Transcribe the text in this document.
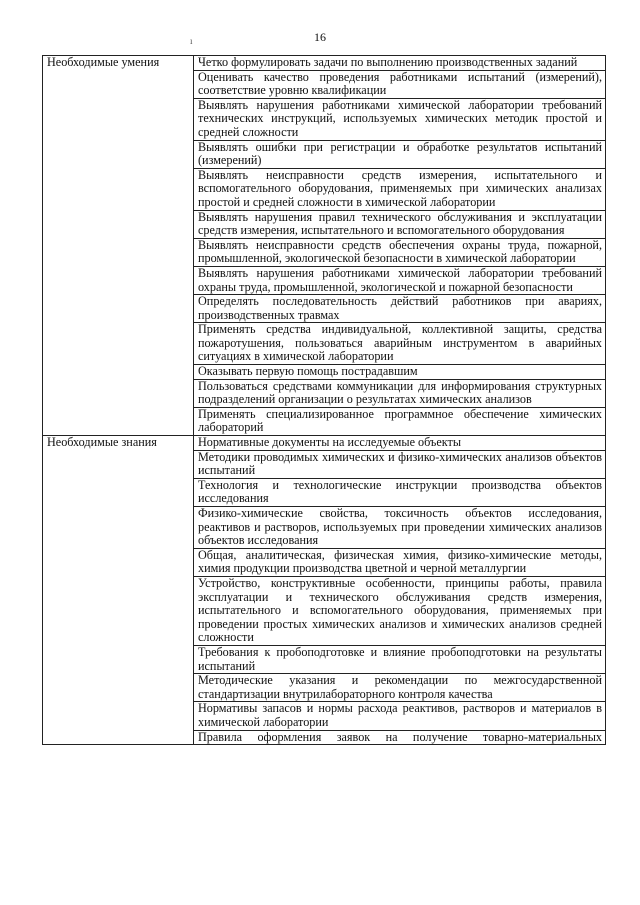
16
ı
Необходимые умения	Четко формулировать задачи по выполнению производственных заданий
	Оценивать качество проведения работниками испытаний (измерений), соответствие уровню квалификации
	Выявлять нарушения работниками химической лаборатории требований технических инструкций, используемых химических методик простой и средней сложности
	Выявлять ошибки при регистрации и обработке результатов испытаний (измерений)
	Выявлять неисправности средств измерения, испытательного и вспомогательного оборудования, применяемых при химических анализах простой и средней сложности в химической лаборатории
	Выявлять нарушения правил технического обслуживания и эксплуатации средств измерения, испытательного и вспомогательного оборудования
	Выявлять неисправности средств обеспечения охраны труда, пожарной, промышленной, экологической безопасности в химической лаборатории
	Выявлять нарушения работниками химической лаборатории требований охраны труда, промышленной, экологической и пожарной безопасности
	Определять последовательность действий работников при авариях, производственных травмах
	Применять средства индивидуальной, коллективной защиты, средства пожаротушения, пользоваться аварийным инструментом в аварийных ситуациях в химической лаборатории
	Оказывать первую помощь пострадавшим
	Пользоваться средствами коммуникации для информирования структурных подразделений организации о результатах химических анализов
	Применять специализированное программное обеспечение химических лабораторий
Необходимые знания	Нормативные документы на исследуемые объекты
	Методики проводимых химических и физико-химических анализов объектов испытаний
	Технология и технологические инструкции производства объектов исследования
	Физико-химические свойства, токсичность объектов исследования, реактивов и растворов, используемых при проведении химических анализов объектов исследования
	Общая, аналитическая, физическая химия, физико-химические методы, химия продукции производства цветной и черной металлургии
	Устройство, конструктивные особенности, принципы работы, правила эксплуатации и технического обслуживания средств измерения, испытательного и вспомогательного оборудования, применяемых при проведении простых химических анализов и химических анализов средней сложности
	Требования к пробоподготовке и влияние пробоподготовки на результаты испытаний
	Методические указания и рекомендации по межгосударственной стандартизации внутрилабораторного контроля качества
	Нормативы запасов и нормы расхода реактивов, растворов и материалов в химической лаборатории
	Правила оформления заявок на получение товарно-материальных
